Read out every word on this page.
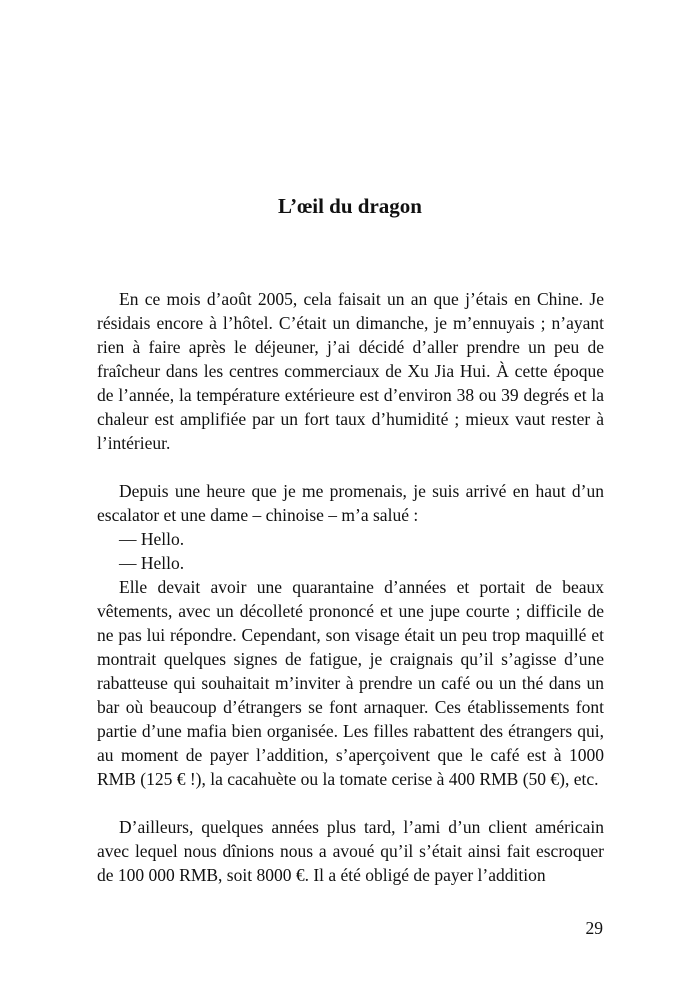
L’œil du dragon

En ce mois d’août 2005, cela faisait un an que j’étais en Chine. Je résidais encore à l’hôtel. C’était un dimanche, je m’ennuyais ; n’ayant rien à faire après le déjeuner, j’ai décidé d’aller prendre un peu de fraîcheur dans les centres commerciaux de Xu Jia Hui. À cette époque de l’année, la température extérieure est d’environ 38 ou 39 degrés et la chaleur est amplifiée par un fort taux d’humidité ; mieux vaut rester à l’intérieur.

Depuis une heure que je me promenais, je suis arrivé en haut d’un escalator et une dame – chinoise – m’a salué :

— Hello.

— Hello.

Elle devait avoir une quarantaine d’années et portait de beaux vêtements, avec un décolleté prononcé et une jupe courte ; difficile de ne pas lui répondre. Cependant, son visage était un peu trop maquillé et montrait quelques signes de fatigue, je craignais qu’il s’agisse d’une rabatteuse qui souhaitait m’inviter à prendre un café ou un thé dans un bar où beaucoup d’étrangers se font arnaquer. Ces établissements font partie d’une mafia bien organisée. Les filles rabattent des étrangers qui, au moment de payer l’addition, s’aperçoivent que le café est à 1000 RMB (125 € !), la cacahuète ou la tomate cerise à 400 RMB (50 €), etc.

D’ailleurs, quelques années plus tard, l’ami d’un client américain avec lequel nous dînions nous a avoué qu’il s’était ainsi fait escroquer de 100 000 RMB, soit 8000 €. Il a été obligé de payer l’addition

29
